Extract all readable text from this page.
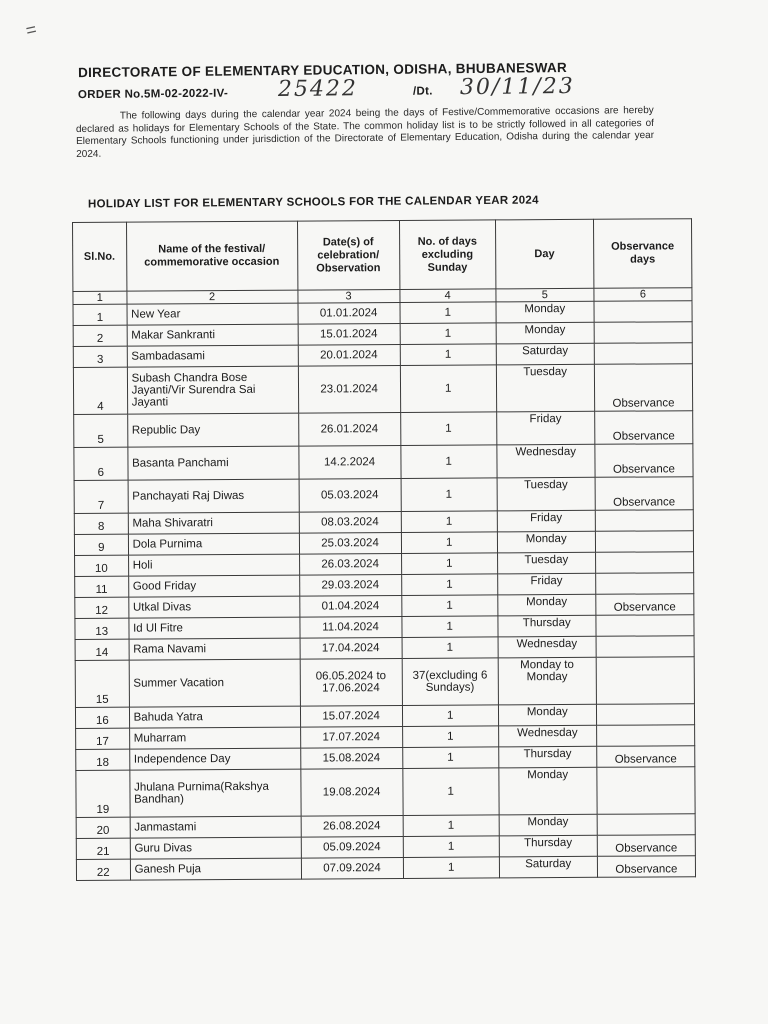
=
DIRECTORATE OF ELEMENTARY EDUCATION, ODISHA, BHUBANESWAR
ORDER No.5M-02-2022-IV- 25422	/Dt. 30/11/23
The following days during the calendar year 2024 being the days of Festive/Commemorative occasions are hereby declared as holidays for Elementary Schools of the State. The common holiday list is to be strictly followed in all categories of Elementary Schools functioning under jurisdiction of the Directorate of Elementary Education, Odisha during the calendar year 2024.
HOLIDAY LIST FOR ELEMENTARY SCHOOLS FOR THE CALENDAR YEAR 2024
Sl.No.	Name of the festival/ commemorative occasion	Date(s) of celebration/ Observation	No. of days excluding Sunday	Day	Observance days
1	2	3	4	5	6
1	New Year	01.01.2024	1	Monday	
2	Makar Sankranti	15.01.2024	1	Monday	
3	Sambadasami	20.01.2024	1	Saturday	
4	Subash Chandra Bose Jayanti/Vir Surendra Sai Jayanti	23.01.2024	1	Tuesday	Observance
5	Republic Day	26.01.2024	1	Friday	Observance
6	Basanta Panchami	14.2.2024	1	Wednesday	Observance
7	Panchayati Raj Diwas	05.03.2024	1	Tuesday	Observance
8	Maha Shivaratri	08.03.2024	1	Friday	
9	Dola Purnima	25.03.2024	1	Monday	
10	Holi	26.03.2024	1	Tuesday	
11	Good Friday	29.03.2024	1	Friday	
12	Utkal Divas	01.04.2024	1	Monday	Observance
13	Id Ul Fitre	11.04.2024	1	Thursday	
14	Rama Navami	17.04.2024	1	Wednesday	
15	Summer Vacation	06.05.2024 to 17.06.2024	37(excluding 6 Sundays)	Monday to Monday	
16	Bahuda Yatra	15.07.2024	1	Monday	
17	Muharram	17.07.2024	1	Wednesday	
18	Independence Day	15.08.2024	1	Thursday	Observance
19	Jhulana Purnima(Rakshya Bandhan)	19.08.2024	1	Monday	
20	Janmastami	26.08.2024	1	Monday	
21	Guru Divas	05.09.2024	1	Thursday	Observance
22	Ganesh Puja	07.09.2024	1	Saturday	Observance
